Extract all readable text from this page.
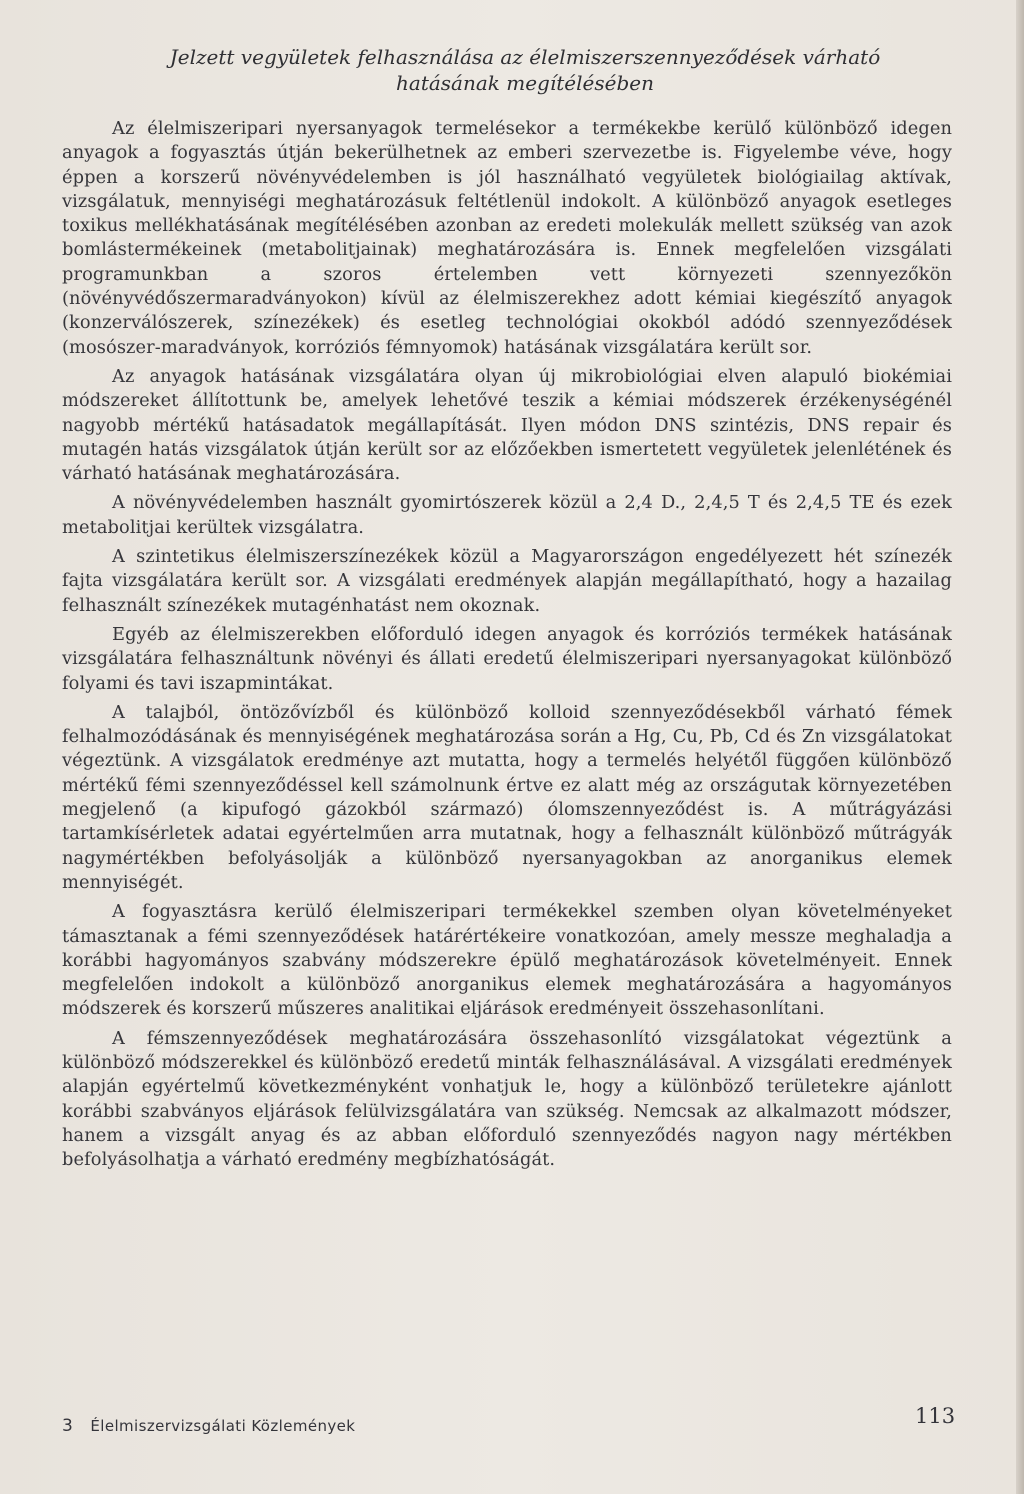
Jelzett vegyületek felhasználása az élelmiszerszennyeződések várható
hatásának megítélésében

Az élelmiszeripari nyersanyagok termelésekor a termékekbe kerülő különböző idegen anyagok a fogyasztás útján bekerülhetnek az emberi szervezetbe is. Figyelembe véve, hogy éppen a korszerű növényvédelemben is jól használható vegyületek biológiailag aktívak, vizsgálatuk, mennyiségi meghatározásuk feltétlenül indokolt. A különböző anyagok esetleges toxikus mellékhatásának megítélésében azonban az eredeti molekulák mellett szükség van azok bomlástermékeinek (metabolitjainak) meghatározására is. Ennek megfelelően vizsgálati programunkban a szoros értelemben vett környezeti szennyezőkön (növényvédőszermaradványokon) kívül az élelmiszerekhez adott kémiai kiegészítő anyagok (konzerválószerek, színezékek) és esetleg technológiai okokból adódó szennyeződések (mosószer-maradványok, korróziós fémnyomok) hatásának vizsgálatára került sor.

Az anyagok hatásának vizsgálatára olyan új mikrobiológiai elven alapuló biokémiai módszereket állítottunk be, amelyek lehetővé teszik a kémiai módszerek érzékenységénél nagyobb mértékű hatásadatok megállapítását. Ilyen módon DNS szintézis, DNS repair és mutagén hatás vizsgálatok útján került sor az előzőekben ismertetett vegyületek jelenlétének és várható hatásának meghatározására.

A növényvédelemben használt gyomirtószerek közül a 2,4 D., 2,4,5 T és 2,4,5 TE és ezek metabolitjai kerültek vizsgálatra.

A szintetikus élelmiszerszínezékek közül a Magyarországon engedélyezett hét színezék fajta vizsgálatára került sor. A vizsgálati eredmények alapján megállapítható, hogy a hazailag felhasznált színezékek mutagénhatást nem okoznak.

Egyéb az élelmiszerekben előforduló idegen anyagok és korróziós termékek hatásának vizsgálatára felhasználtunk növényi és állati eredetű élelmiszeripari nyersanyagokat különböző folyami és tavi iszapmintákat.

A talajból, öntözővízből és különböző kolloid szennyeződésekből várható fémek felhalmozódásának és mennyiségének meghatározása során a Hg, Cu, Pb, Cd és Zn vizsgálatokat végeztünk. A vizsgálatok eredménye azt mutatta, hogy a termelés helyétől függően különböző mértékű fémi szennyeződéssel kell számolnunk értve ez alatt még az országutak környezetében megjelenő (a kipufogó gázokból származó) ólomszennyeződést is. A műtrágyázási tartamkísérletek adatai egyértelműen arra mutatnak, hogy a felhasznált különböző műtrágyák nagymértékben befolyásolják a különböző nyersanyagokban az anorganikus elemek mennyiségét.

A fogyasztásra kerülő élelmiszeripari termékekkel szemben olyan követelményeket támasztanak a fémi szennyeződések határértékeire vonatkozóan, amely messze meghaladja a korábbi hagyományos szabvány módszerekre épülő meghatározások követelményeit. Ennek megfelelően indokolt a különböző anorganikus elemek meghatározására a hagyományos módszerek és korszerű műszeres analitikai eljárások eredményeit összehasonlítani.

A fémszennyeződések meghatározására összehasonlító vizsgálatokat végeztünk a különböző módszerekkel és különböző eredetű minták felhasználásával. A vizsgálati eredmények alapján egyértelmű következményként vonhatjuk le, hogy a különböző területekre ajánlott korábbi szabványos eljárások felülvizsgálatára van szükség. Nemcsak az alkalmazott módszer, hanem a vizsgált anyag és az abban előforduló szennyeződés nagyon nagy mértékben befolyásolhatja a várható eredmény megbízhatóságát.

3 Élelmiszervizsgálati Közlemények	113
